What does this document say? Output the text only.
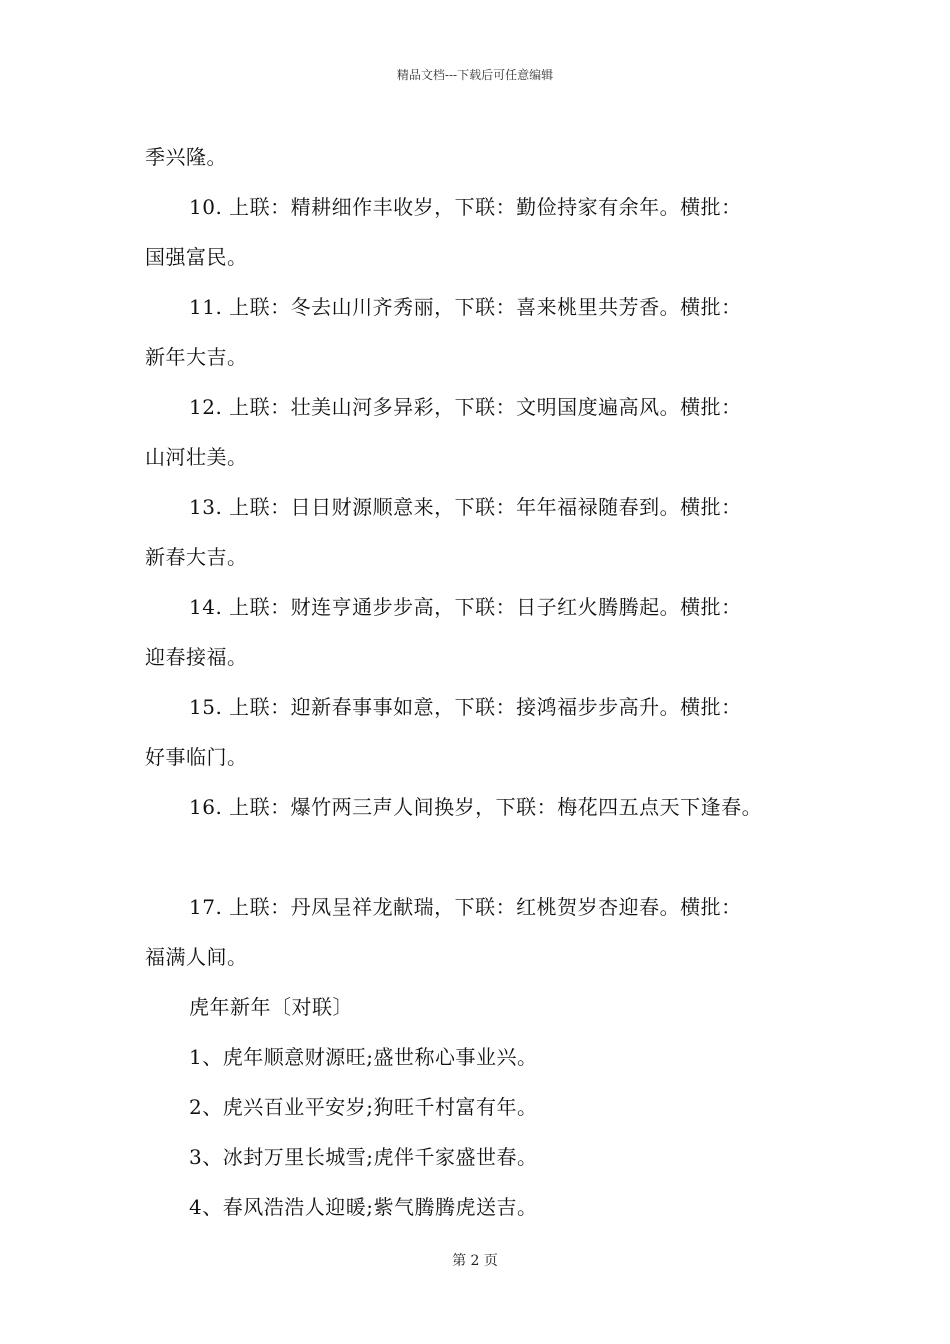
精品文档---下载后可任意编辑
季兴隆。
10. 上联：精耕细作丰收岁，下联：勤俭持家有余年。横批：
国强富民。
11. 上联：冬去山川齐秀丽，下联：喜来桃里共芳香。横批：
新年大吉。
12. 上联：壮美山河多异彩，下联：文明国度遍高风。横批：
山河壮美。
13. 上联：日日财源顺意来，下联：年年福禄随春到。横批：
新春大吉。
14. 上联：财连亨通步步高，下联：日子红火腾腾起。横批：
迎春接福。
15. 上联：迎新春事事如意，下联：接鸿福步步高升。横批：
好事临门。
16. 上联：爆竹两三声人间换岁，下联：梅花四五点天下逢春。
17. 上联：丹凤呈祥龙献瑞，下联：红桃贺岁杏迎春。横批：
福满人间。
虎年新年〔对联〕
1、虎年顺意财源旺;盛世称心事业兴。
2、虎兴百业平安岁;狗旺千村富有年。
3、冰封万里长城雪;虎伴千家盛世春。
4、春风浩浩人迎暖;紫气腾腾虎送吉。
第 2 页
